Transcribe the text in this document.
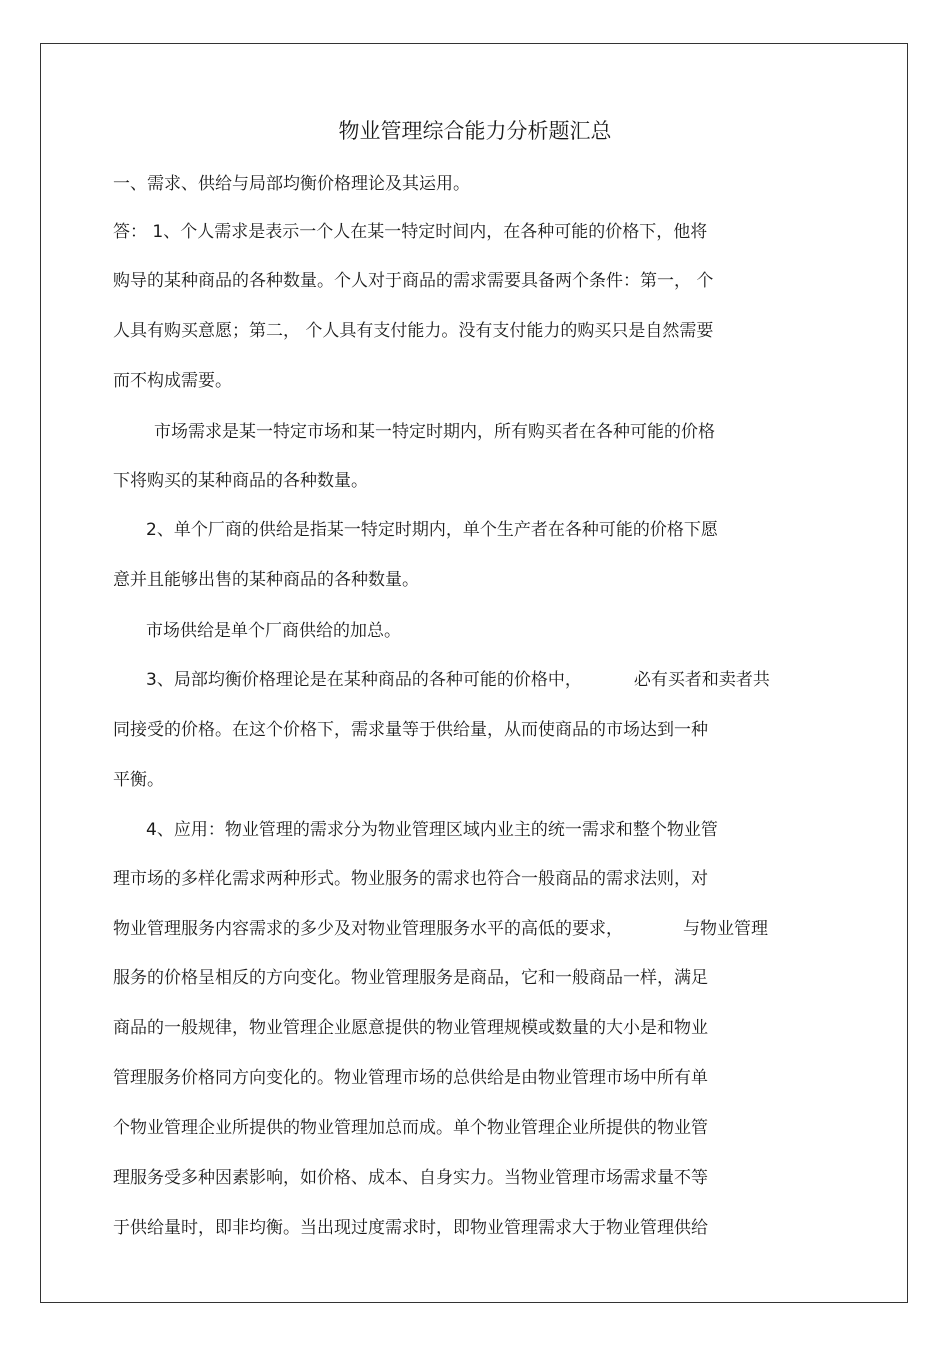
物业管理综合能力分析题汇总
一、需求、供给与局部均衡价格理论及其运用。
答： 1、个人需求是表示一个人在某一特定时间内，在各种可能的价格下，他将
购导的某种商品的各种数量。个人对于商品的需求需要具备两个条件：第一， 个
人具有购买意愿；第二， 个人具有支付能力。没有支付能力的购买只是自然需要
而不构成需要。
市场需求是某一特定市场和某一特定时期内，所有购买者在各种可能的价格
下将购买的某种商品的各种数量。
2、单个厂商的供给是指某一特定时期内，单个生产者在各种可能的价格下愿
意并且能够出售的某种商品的各种数量。
市场供给是单个厂商供给的加总。
3、局部均衡价格理论是在某种商品的各种可能的价格中，	必有买者和卖者共
同接受的价格。在这个价格下，需求量等于供给量，从而使商品的市场达到一种
平衡。
4、应用：物业管理的需求分为物业管理区域内业主的统一需求和整个物业管
理市场的多样化需求两种形式。物业服务的需求也符合一般商品的需求法则，对
物业管理服务内容需求的多少及对物业管理服务水平的高低的要求，	与物业管理
服务的价格呈相反的方向变化。物业管理服务是商品，它和一般商品一样，满足
商品的一般规律，物业管理企业愿意提供的物业管理规模或数量的大小是和物业
管理服务价格同方向变化的。物业管理市场的总供给是由物业管理市场中所有单
个物业管理企业所提供的物业管理加总而成。单个物业管理企业所提供的物业管
理服务受多种因素影响，如价格、成本、自身实力。当物业管理市场需求量不等
于供给量时，即非均衡。当出现过度需求时，即物业管理需求大于物业管理供给
